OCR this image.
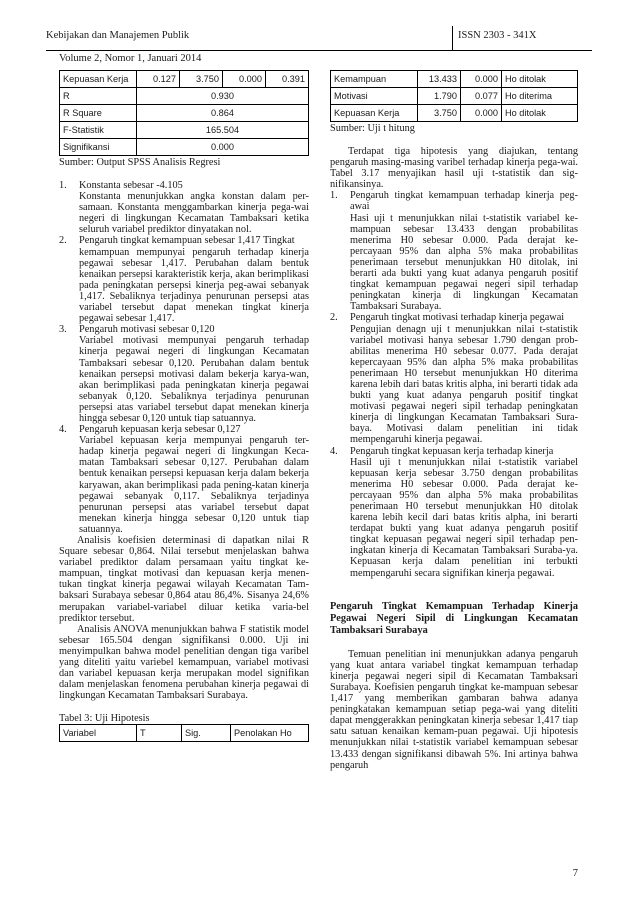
Kebijakan dan Manajemen Publik	ISSN 2303 - 341X
Volume 2, Nomor 1, Januari 2014
Kepuasan Kerja	0.127	3.750	0.000	0.391
R	0.930			
R Square	0.864			
F-Statistik	165.504			
Signifikansi	0.000			
Sumber: Output SPSS Analisis Regresi
1. Konstanta sebesar -4.105
Konstanta menunjukkan angka konstan dalam per-samaan. Konstanta menggambarkan kinerja pega-wai negeri di lingkungan Kecamatan Tambaksari ketika seluruh variabel prediktor dinyatakan nol.
2. Pengaruh tingkat kemampuan sebesar 1,417 Tingkat
kemampuan mempunyai pengaruh terhadap kinerja pegawai sebesar 1,417. Perubahan dalam bentuk kenaikan persepsi karakteristik kerja, akan berimplikasi pada peningkatan persepsi kinerja peg-awai sebanyak 1,417. Sebaliknya terjadinya penurunan persepsi atas variabel tersebut dapat menekan tingkat kinerja pegawai sebesar 1,417.
3. Pengaruh motivasi sebesar 0,120
Variabel motivasi mempunyai pengaruh terhadap kinerja pegawai negeri di lingkungan Kecamatan Tambaksari sebesar 0,120. Perubahan dalam bentuk kenaikan persepsi motivasi dalam bekerja karya-wan, akan berimplikasi pada peningkatan kinerja pegawai sebanyak 0,120. Sebaliknya terjadinya penurunan persepsi atas variabel tersebut dapat menekan kinerja hingga sebesar 0,120 untuk tiap satuannya.
4. Pengaruh kepuasan kerja sebesar 0,127
Variabel kepuasan kerja mempunyai pengaruh ter-hadap kinerja pegawai negeri di lingkungan Keca-matan Tambaksari sebesar 0,127. Perubahan dalam bentuk kenaikan persepsi kepuasan kerja dalam bekerja karyawan, akan berimplikasi pada pening-katan kinerja pegawai sebanyak 0,117. Sebaliknya terjadinya penurunan persepsi atas variabel tersebut dapat menekan kinerja hingga sebesar 0,120 untuk tiap satuannya.

Analisis koefisien determinasi di dapatkan nilai R Square sebesar 0,864. Nilai tersebut menjelaskan bahwa variabel prediktor dalam persamaan yaitu tingkat ke-mampuan, tingkat motivasi dan kepuasan kerja menen-tukan tingkat kinerja pegawai wilayah Kecamatan Tam-baksari Surabaya sebesar 0,864 atau 86,4%. Sisanya 24,6% merupakan variabel-variabel diluar ketika varia-bel prediktor tersebut.

Analisis ANOVA menunjukkan bahwa F statistik model sebesar 165.504 dengan signifikansi 0.000. Uji ini menyimpulkan bahwa model penelitian dengan tiga varibel yang diteliti yaitu variebel kemampuan, variabel motivasi dan variabel kepuasan kerja merupakan model signifikan dalam menjelaskan fenomena perubahan kinerja pegawai di lingkungan Kecamatan Tambaksari Surabaya.

Tabel 3: Uji Hipotesis
Variabel	T	Sig.	Penolakan Ho
Kemampuan	13.433	0.000	Ho ditolak
Motivasi	1.790	0.077	Ho diterima
Kepuasan Kerja	3.750	0.000	Ho ditolak
Sumber: Uji t hitung

Terdapat tiga hipotesis yang diajukan, tentang pengaruh masing-masing varibel terhadap kinerja pega-wai. Tabel 3.17 menyajikan hasil uji t-statistik dan sig-nifikansinya.

1. Pengaruh tingkat kemampuan terhadap kinerja peg-awai
Hasi uji t menunjukkan nilai t-statistik variabel ke-mampuan sebesar 13.433 dengan probabilitas menerima H0 sebesar 0.000. Pada derajat ke-percayaan 95% dan alpha 5% maka probabilitas penerimaan tersebut menunjukkan H0 ditolak, ini berarti ada bukti yang kuat adanya pengaruh positif tingkat kemampuan pegawai negeri sipil terhadap peningkatan kinerja di lingkungan Kecamatan Tambaksari Surabaya.
2. Pengaruh tingkat motivasi terhadap kinerja pegawai
Pengujian denagn uji t menunjukkan nilai t-statistik variabel motivasi hanya sebesar 1.790 dengan prob-abilitas menerima H0 sebesar 0.077. Pada derajat kepercayaan 95% dan alpha 5% maka probabilitas penerimaan H0 tersebut menunjukkan H0 diterima karena lebih dari batas kritis alpha, ini berarti tidak ada bukti yang kuat adanya pengaruh positif tingkat motivasi pegawai negeri sipil terhadap peningkatan kinerja di lingkungan Kecamatan Tambaksari Sura-baya. Motivasi dalam penelitian ini tidak mempengaruhi kinerja pegawai.
4. Pengaruh tingkat kepuasan kerja terhadap kinerja
Hasil uji t menunjukkan nilai t-statistik variabel kepuasan kerja sebesar 3.750 dengan probabilitas menerima H0 sebesar 0.000. Pada derajat ke-percayaan 95% dan alpha 5% maka probabilitas penerimaan H0 tersebut menunjukkan H0 ditolak karena lebih kecil dari batas kritis alpha, ini berarti terdapat bukti yang kuat adanya pengaruh positif tingkat kepuasan pegawai negeri sipil terhadap pen-ingkatan kinerja di Kecamatan Tambaksari Suraba-ya. Kepuasan kerja dalam penelitian ini terbukti mempengaruhi secara signifikan kinerja pegawai.
Pengaruh Tingkat Kemampuan Terhadap Kinerja Pegawai Negeri Sipil di Lingkungan Kecamatan Tambaksari Surabaya

Temuan penelitian ini menunjukkan adanya pengaruh yang kuat antara variabel tingkat kemampuan terhadap kinerja pegawai negeri sipil di Kecamatan Tambaksari Surabaya. Koefisien pengaruh tingkat ke-mampuan sebesar 1,417 yang memberikan gambaran bahwa adanya peningkatakan kemampuan setiap pega-wai yang diteliti dapat menggerakkan peningkatan kinerja sebesar 1,417 tiap satu satuan kenaikan kemam-puan pegawai. Uji hipotesis menunjukkan nilai t-statistik variabel kemampuan sebesar 13.433 dengan signifikansi dibawah 5%. Ini artinya bahwa pengaruh

7
